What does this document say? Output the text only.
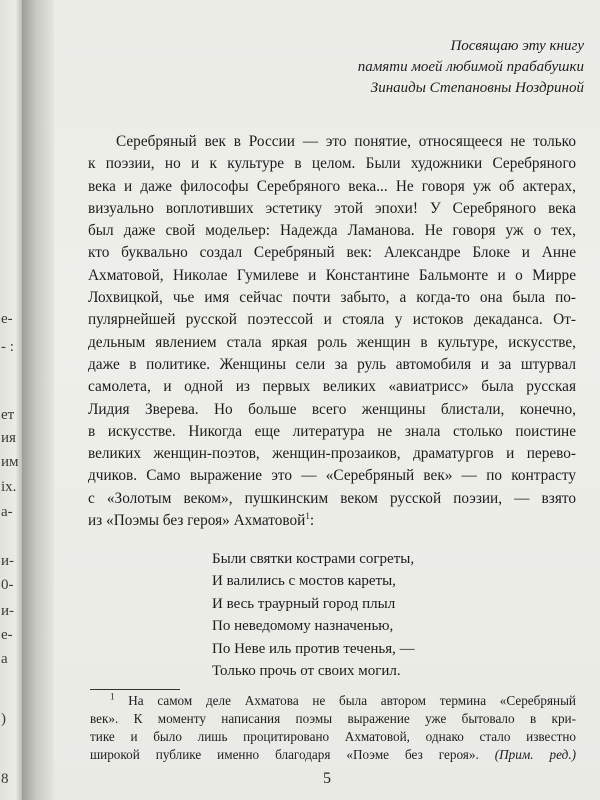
e-
- :
ет
ия
им
ix.
а-
и-
0-
и-
e-
a
)
8
Посвящаю эту книгу
памяти моей любимой прабабушки
Зинаиды Степановны Ноздриной
Серебряный век в России — это понятие, относящееся не только
к поэзии, но и к культуре в целом. Были художники Серебряного
века и даже философы Серебряного века... Не говоря уж об актерах,
визуально воплотивших эстетику этой эпохи! У Серебряного века
был даже свой модельер: Надежда Ламанова. Не говоря уж о тех,
кто буквально создал Серебряный век: Александре Блоке и Анне
Ахматовой, Николае Гумилеве и Константине Бальмонте и о Мирре
Лохвицкой, чье имя сейчас почти забыто, а когда-то она была по-
пулярнейшей русской поэтессой и стояла у истоков декаданса. От-
дельным явлением стала яркая роль женщин в культуре, искусстве,
даже в политике. Женщины сели за руль автомобиля и за штурвал
самолета, и одной из первых великих «авиатрисс» была русская
Лидия Зверева. Но больше всего женщины блистали, конечно,
в искусстве. Никогда еще литература не знала столько поистине
великих женщин-поэтов, женщин-прозаиков, драматургов и перево-
дчиков. Само выражение это — «Серебряный век» — по контрасту
с «Золотым веком», пушкинским веком русской поэзии, — взято
из «Поэмы без героя» Ахматовой$^1$:
Были святки кострами согреты,
И валились с мостов кареты,
И весь траурный город плыл
По неведомому назначенью,
По Неве иль против теченья, —
Только прочь от своих могил.
$^1$ На самом деле Ахматова не была автором термина «Серебряный
век». К моменту написания поэмы выражение уже бытовало в кри-
тике и было лишь процитировано Ахматовой, однако стало известно
широкой публике именно благодаря «Поэме без героя». (Прим. ред.)
5
